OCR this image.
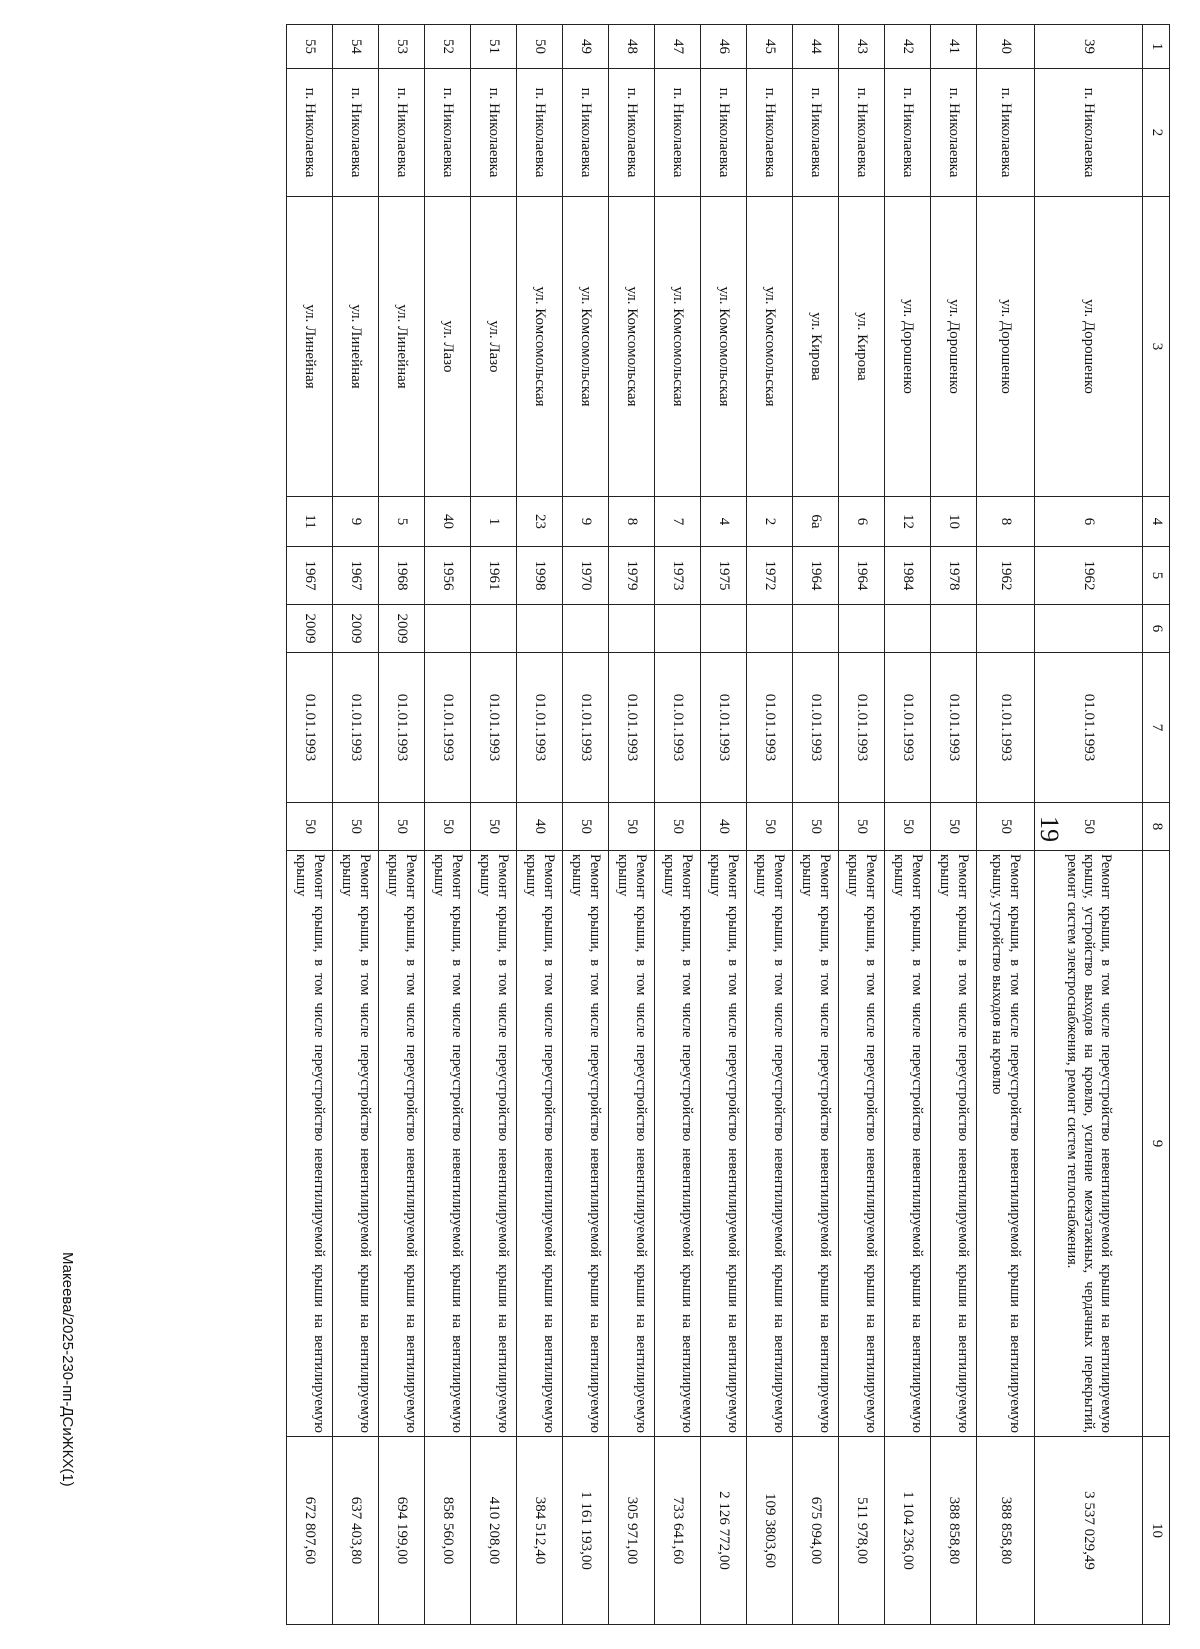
19
1	2	3	4	5	6	7	8	9	10
39	п. Николаевка	ул. Дорошенко	6	1962		01.01.1993	50	Ремонт крыши, в том числе переустройство невентилируемой крыши на вентилируемую крышу, устройство выходов на кровлю, усиление межэтажных, чердачных перекрытий, ремонт систем электроснабжения, ремонт систем теплоснабжения.	3 537 029,49
40	п. Николаевка	ул. Дорошенко	8	1962		01.01.1993	50	Ремонт крыши, в том числе переустройство невентилируемой крыши на вентилируемую крышу, устройство выходов на кровлю	388 858,80
41	п. Николаевка	ул. Дорошенко	10	1978		01.01.1993	50	Ремонт крыши, в том числе переустройство невентилируемой крыши на вентилируемую крышу	388 858,80
42	п. Николаевка	ул. Дорошенко	12	1984		01.01.1993	50	Ремонт крыши, в том числе переустройство невентилируемой крыши на вентилируемую крышу	1 104 236,00
43	п. Николаевка	ул. Кирова	6	1964		01.01.1993	50	Ремонт крыши, в том числе переустройство невентилируемой крыши на вентилируемую крышу	511 978,00
44	п. Николаевка	ул. Кирова	6а	1964		01.01.1993	50	Ремонт крыши, в том числе переустройство невентилируемой крыши на вентилируемую крышу	675 094,00
45	п. Николаевка	ул. Комсомольская	2	1972		01.01.1993	50	Ремонт крыши, в том числе переустройство невентилируемой крыши на вентилируемую крышу	109 3803,60
46	п. Николаевка	ул. Комсомольская	4	1975		01.01.1993	40	Ремонт крыши, в том числе переустройство невентилируемой крыши на вентилируемую крышу	2 126 772,00
47	п. Николаевка	ул. Комсомольская	7	1973		01.01.1993	50	Ремонт крыши, в том числе переустройство невентилируемой крыши на вентилируемую крышу	733 641,60
48	п. Николаевка	ул. Комсомольская	8	1979		01.01.1993	50	Ремонт крыши, в том числе переустройство невентилируемой крыши на вентилируемую крышу	305 971,00
49	п. Николаевка	ул. Комсомольская	9	1970		01.01.1993	50	Ремонт крыши, в том числе переустройство невентилируемой крыши на вентилируемую крышу	1 161 193,00
50	п. Николаевка	ул. Комсомольская	23	1998		01.01.1993	40	Ремонт крыши, в том числе переустройство невентилируемой крыши на вентилируемую крышу	384 512,40
51	п. Николаевка	ул. Лазо	1	1961		01.01.1993	50	Ремонт крыши, в том числе переустройство невентилируемой крыши на вентилируемую крышу	410 208,00
52	п. Николаевка	ул. Лазо	40	1956		01.01.1993	50	Ремонт крыши, в том числе переустройство невентилируемой крыши на вентилируемую крышу	858 560,00
53	п. Николаевка	ул. Линейная	5	1968	2009	01.01.1993	50	Ремонт крыши, в том числе переустройство невентилируемой крыши на вентилируемую крышу	694 199,00
54	п. Николаевка	ул. Линейная	9	1967	2009	01.01.1993	50	Ремонт крыши, в том числе переустройство невентилируемой крыши на вентилируемую крышу	637 403,80
55	п. Николаевка	ул. Линейная	11	1967	2009	01.01.1993	50	Ремонт крыши, в том числе переустройство невентилируемой крыши на вентилируемую крышу	672 807,60
Макеева/2025-230-пп-ДСиЖКХ(1)
